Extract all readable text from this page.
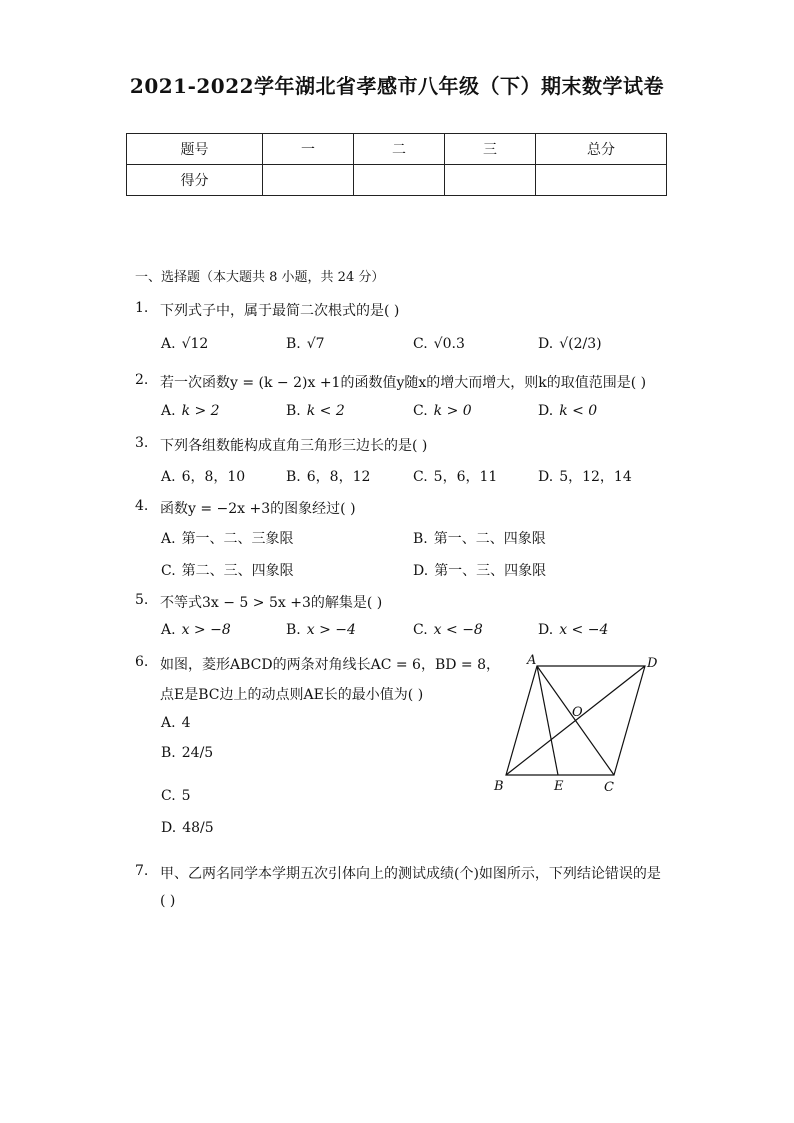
2021-2022学年湖北省孝感市八年级（下）期末数学试卷
题号	一	二	三	总分
得分				
一、选择题（本大题共 8 小题，共 24 分）
1. 下列式子中，属于最简二次根式的是( )
A. √12	B. √7	C. √0.3	D. √(2/3)
2. 若一次函数y = (k − 2)x +1的函数值y随x的增大而增大，则k的取值范围是( )
A. k > 2	B. k < 2	C. k > 0	D. k < 0
3. 下列各组数能构成直角三角形三边长的是( )
A. 6，8，10	B. 6，8，12	C. 5，6，11	D. 5，12，14
4. 函数y = −2x +3的图象经过( )
A. 第一、二、三象限	B. 第一、二、四象限
C. 第二、三、四象限	D. 第一、三、四象限
5. 不等式3x − 5 > 5x +3的解集是( )
A. x > −8	B. x > −4	C. x < −8	D. x < −4
6. 如图，菱形ABCD的两条对角线长AC = 6，BD = 8，
点E是BC边上的动点则AE长的最小值为( )
A. 4
B. 24/5
C. 5
D. 48/5
A	D
O
B	E	C
7. 甲、乙两名同学本学期五次引体向上的测试成绩(个)如图所示，下列结论错误的是
( )
